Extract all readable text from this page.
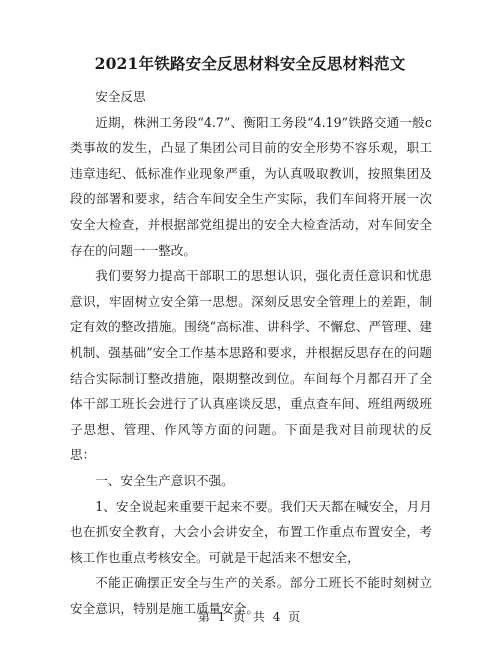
2021年铁路安全反思材料安全反思材料范文

安全反思

近期，株洲工务段“4.7”、衡阳工务段“4.19”铁路交通一般c类事故的发生，凸显了集团公司目前的安全形势不容乐观，职工违章违纪、低标准作业现象严重，为认真吸取教训，按照集团及段的部署和要求，结合车间安全生产实际，我们车间将开展一次安全大检查，并根据部党组提出的安全大检查活动，对车间安全存在的问题一一整改。

我们要努力提高干部职工的思想认识，强化责任意识和忧患意识，牢固树立安全第一思想。深刻反思安全管理上的差距，制定有效的整改措施。围绕“高标准、讲科学、不懈怠、严管理、建机制、强基础”安全工作基本思路和要求，并根据反思存在的问题结合实际制订整改措施，限期整改到位。车间每个月都召开了全体干部工班长会进行了认真座谈反思，重点查车间、班组两级班子思想、管理、作风等方面的问题。下面是我对目前现状的反思：

一、安全生产意识不强。

1、安全说起来重要干起来不要。我们天天都在喊安全，月月也在抓安全教育，大会小会讲安全，布置工作重点布置安全，考核工作也重点考核安全。可就是干起活来不想安全，

不能正确摆正安全与生产的关系。部分工班长不能时刻树立安全意识，特别是施工质量安全。

第 1 页 共 4 页
